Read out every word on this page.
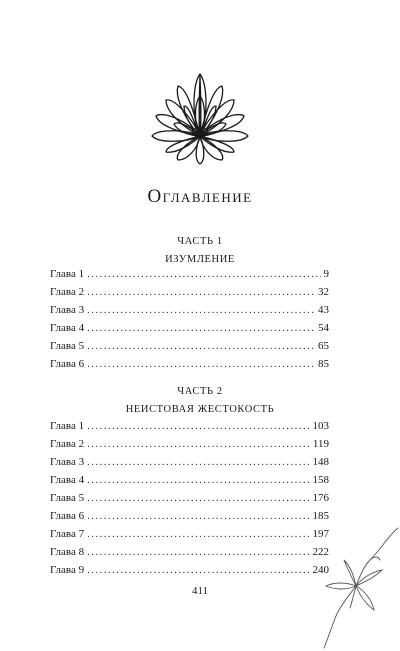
Оглавление
ЧАСТЬ 1
ИЗУМЛЕНИЕ
Глава 1 .....	9
Глава 2 .....	32
Глава 3 .....	43
Глава 4 .....	54
Глава 5 .....	65
Глава 6 .....	85
ЧАСТЬ 2
НЕИСТОВАЯ ЖЕСТОКОСТЬ
Глава 1 .....	103
Глава 2 .....	119
Глава 3 .....	148
Глава 4 .....	158
Глава 5 .....	176
Глава 6 .....	185
Глава 7 .....	197
Глава 8 .....	222
Глава 9 .....	240
411
